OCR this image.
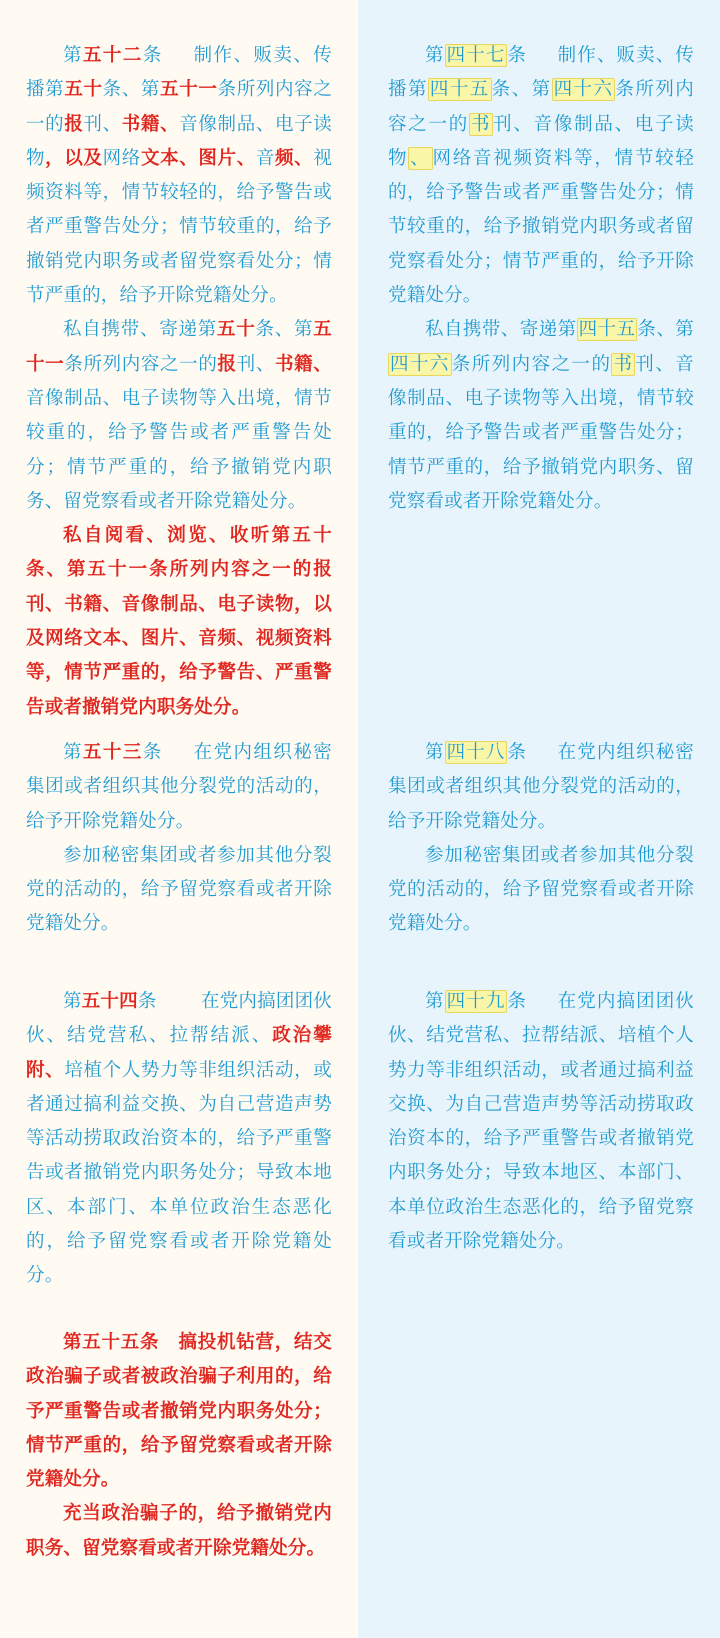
第五十二条 制作、贩卖、传播第五十条、第五十一条所列内容之一的报刊、书籍、音像制品、电子读物，以及网络文本、图片、音频、视频资料等，情节较轻的，给予警告或者严重警告处分；情节较重的，给予撤销党内职务或者留党察看处分；情节严重的，给予开除党籍处分。

私自携带、寄递第五十条、第五十一条所列内容之一的报刊、书籍、音像制品、电子读物等入出境，情节较重的，给予警告或者严重警告处分；情节严重的，给予撤销党内职务、留党察看或者开除党籍处分。

私自阅看、浏览、收听第五十条、第五十一条所列内容之一的报刊、书籍、音像制品、电子读物，以及网络文本、图片、音频、视频资料等，情节严重的，给予警告、严重警告或者撤销党内职务处分。

第五十三条 在党内组织秘密集团或者组织其他分裂党的活动的，给予开除党籍处分。

参加秘密集团或者参加其他分裂党的活动的，给予留党察看或者开除党籍处分。

第五十四条 在党内搞团团伙伙、结党营私、拉帮结派、政治攀附、培植个人势力等非组织活动，或者通过搞利益交换、为自己营造声势等活动捞取政治资本的，给予严重警告或者撤销党内职务处分；导致本地区、本部门、本单位政治生态恶化的，给予留党察看或者开除党籍处分。

第五十五条　搞投机钻营，结交政治骗子或者被政治骗子利用的，给予严重警告或者撤销党内职务处分；情节严重的，给予留党察看或者开除党籍处分。

充当政治骗子的，给予撤销党内职务、留党察看或者开除党籍处分。

第 四十七 条 制作、贩卖、传播第 四十五 条、第 四十六 条所列内容之一的 书 刊、音像制品、电子读物 、 网络音视频资料等，情节较轻的，给予警告或者严重警告处分；情节较重的，给予撤销党内职务或者留党察看处分；情节严重的，给予开除党籍处分。

私自携带、寄递第 四十五 条、第四十六 条所列内容之一的 书 刊、音像制品、电子读物等入出境，情节较重的，给予警告或者严重警告处分；情节严重的，给予撤销党内职务、留党察看或者开除党籍处分。

第 四十八 条 在党内组织秘密集团或者组织其他分裂党的活动的，给予开除党籍处分。

参加秘密集团或者参加其他分裂党的活动的，给予留党察看或者开除党籍处分。

第 四十九 条 在党内搞团团伙伙、结党营私、拉帮结派、培植个人势力等非组织活动，或者通过搞利益交换、为自己营造声势等活动捞取政治资本的，给予严重警告或者撤销党内职务处分；导致本地区、本部门、本单位政治生态恶化的，给予留党察看或者开除党籍处分。
